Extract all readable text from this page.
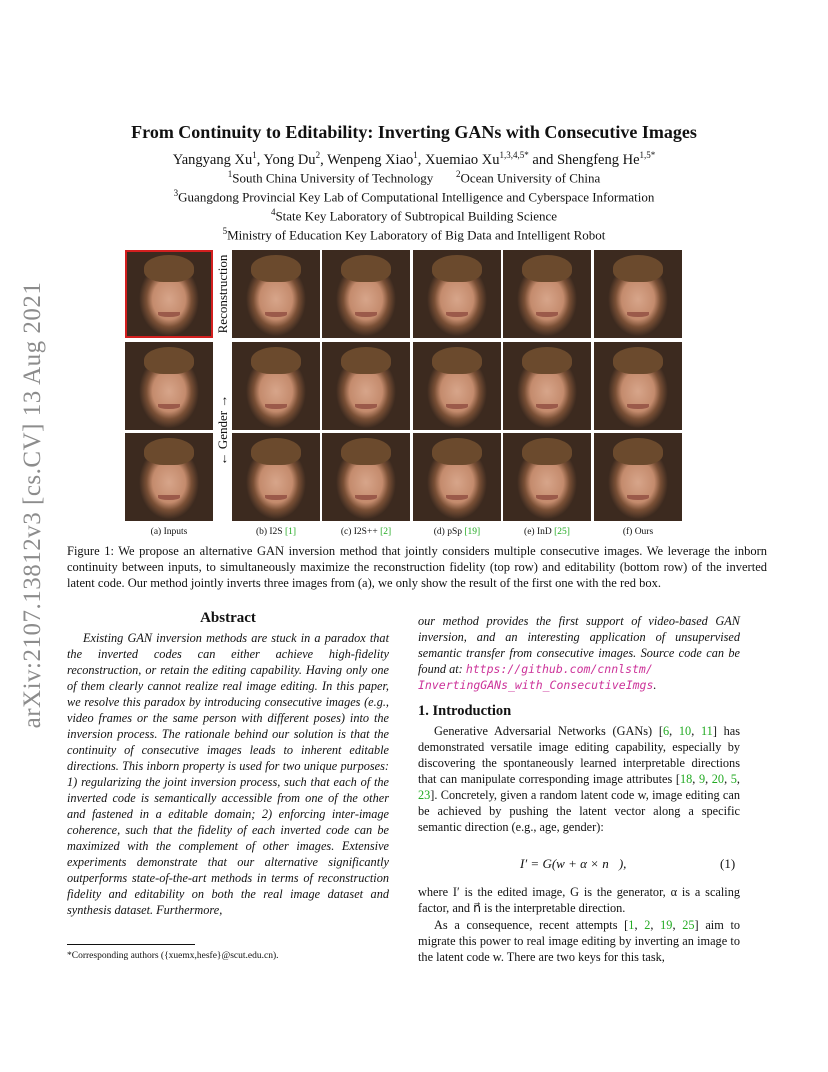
arXiv:2107.13812v3 [cs.CV] 13 Aug 2021
From Continuity to Editability: Inverting GANs with Consecutive Images
Yangyang Xu$^1$, Yong Du$^2$, Wenpeng Xiao$^1$, Xuemiao $Xu^{1,3,4,5*}$ and Shengfeng $He^{1,5*}$
$^1$South China University of Technology	$^2$Ocean University of China
$^3$Guangdong Provincial Key Lab of Computational Intelligence and Cyberspace Information
$^4$State Key Laboratory of Subtropical Building Science
$^5$Ministry of Education Key Laboratory of Big Data and Intelligent Robot
Reconstruction
← Gender →
(a) Inputs	(b) I2S [1]	(c) I2S++ [2]	(d) pSp [19]	(e) InD [25]	(f) Ours
Figure 1: We propose an alternative GAN inversion method that jointly considers multiple consecutive images. We leverage the inborn continuity between inputs, to simultaneously maximize the reconstruction fidelity (top row) and editability (bottom row) of the inverted latent code. Our method jointly inverts three images from (a), we only show the result of the first one with the red box.
Abstract
Existing GAN inversion methods are stuck in a paradox that the inverted codes can either achieve high-fidelity reconstruction, or retain the editing capability. Having only one of them clearly cannot realize real image editing. In this paper, we resolve this paradox by introducing consecutive images (e.g., video frames or the same person with different poses) into the inversion process. The rationale behind our solution is that the continuity of consecutive images leads to inherent editable directions. This inborn property is used for two unique purposes: 1) regularizing the joint inversion process, such that each of the inverted code is semantically accessible from one of the other and fastened in a editable domain; 2) enforcing inter-image coherence, such that the fidelity of each inverted code can be maximized with the complement of other images. Extensive experiments demonstrate that our alternative significantly outperforms state-of-the-art methods in terms of reconstruction fidelity and editability on both the real image dataset and synthesis dataset. Furthermore,
our method provides the first support of video-based GAN inversion, and an interesting application of unsupervised semantic transfer from consecutive images. Source code can be found at: https://github.com/cnnlstm/
InvertingGANs_with_ConsecutiveImgs.
1. Introduction
Generative Adversarial Networks (GANs) [6, 10, 11] has demonstrated versatile image editing capability, especially by discovering the spontaneously learned interpretable directions that can manipulate corresponding image attributes [18, 9, 20, 5, 23]. Concretely, given a random latent code w, image editing can be achieved by pushing the latent vector along a specific semantic direction (e.g., age, gender):
I′ = G(w + α × n⃗),	(1)
where I′ is the edited image, G is the generator, α is a scaling factor, and n⃗ is the interpretable direction.
As a consequence, recent attempts [1, 2, 19, 25] aim to migrate this power to real image editing by inverting an image to the latent code w. There are two keys for this task,
*Corresponding authors ({xuemx,hesfe}@scut.edu.cn).
